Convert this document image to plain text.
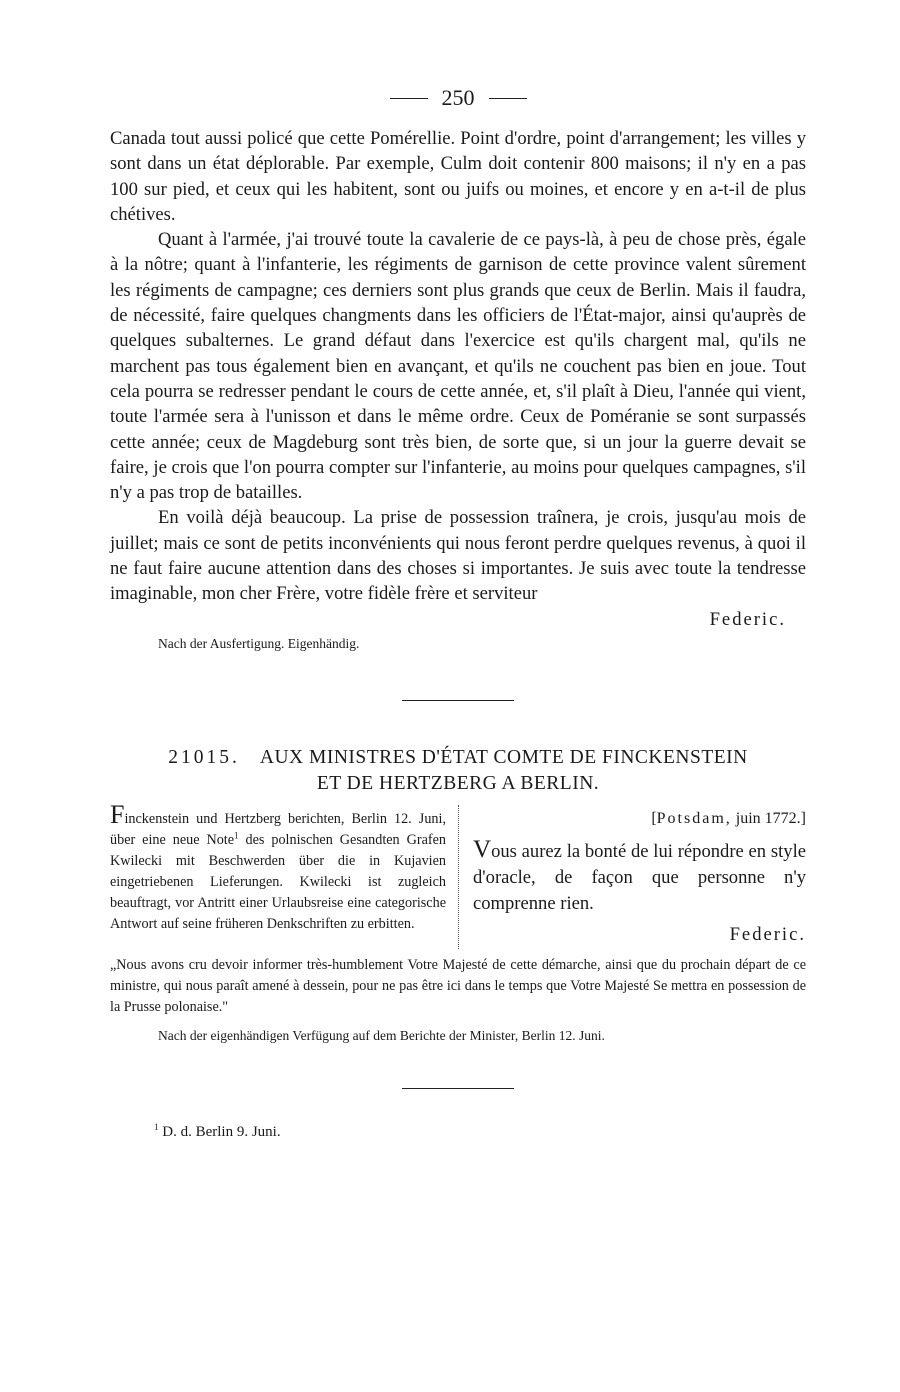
250

Canada tout aussi policé que cette Pomérellie. Point d'ordre, point d'arrangement; les villes y sont dans un état déplorable. Par exemple, Culm doit contenir 800 maisons; il n'y en a pas 100 sur pied, et ceux qui les habitent, sont ou juifs ou moines, et encore y en a-t-il de plus chétives.

Quant à l'armée, j'ai trouvé toute la cavalerie de ce pays-là, à peu de chose près, égale à la nôtre; quant à l'infanterie, les régiments de garnison de cette province valent sûrement les régiments de campagne; ces derniers sont plus grands que ceux de Berlin. Mais il faudra, de nécessité, faire quelques changments dans les officiers de l'État-major, ainsi qu'auprès de quelques subalternes. Le grand défaut dans l'exercice est qu'ils chargent mal, qu'ils ne marchent pas tous également bien en avançant, et qu'ils ne couchent pas bien en joue. Tout cela pourra se redresser pendant le cours de cette année, et, s'il plaît à Dieu, l'année qui vient, toute l'armée sera à l'unisson et dans le même ordre. Ceux de Poméranie se sont surpassés cette année; ceux de Magdeburg sont très bien, de sorte que, si un jour la guerre devait se faire, je crois que l'on pourra compter sur l'infanterie, au moins pour quelques campagnes, s'il n'y a pas trop de batailles.

En voilà déjà beaucoup. La prise de possession traînera, je crois, jusqu'au mois de juillet; mais ce sont de petits inconvénients qui nous feront perdre quelques revenus, à quoi il ne faut faire aucune attention dans des choses si importantes. Je suis avec toute la tendresse imaginable, mon cher Frère, votre fidèle frère et serviteur

Federic.

Nach der Ausfertigung. Eigenhändig.
21015. AUX MINISTRES D'ÉTAT COMTE DE FINCKENSTEIN
ET DE HERTZBERG A BERLIN.
Finckenstein und Hertzberg berichten, Berlin 12. Juni, über eine neue Note$^1$ des polnischen Gesandten Grafen Kwilecki mit Beschwerden über die in Kujavien eingetriebenen Lieferungen. Kwilecki ist zugleich beauftragt, vor Antritt einer Urlaubsreise eine categorische Antwort auf seine früheren Denkschriften zu erbitten.
[Potsdam, juin 1772.]

Vous aurez la bonté de lui répondre en style d'oracle, de façon que personne n'y comprenne rien.

Federic.

„Nous avons cru devoir informer très-humblement Votre Majesté de cette démarche, ainsi que du prochain départ de ce ministre, qui nous paraît amené à dessein, pour ne pas être ici dans le temps que Votre Majesté Se mettra en possession de la Prusse polonaise."

Nach der eigenhändigen Verfügung auf dem Berichte der Minister, Berlin 12. Juni.
$^1$ D. d. Berlin 9. Juni.
